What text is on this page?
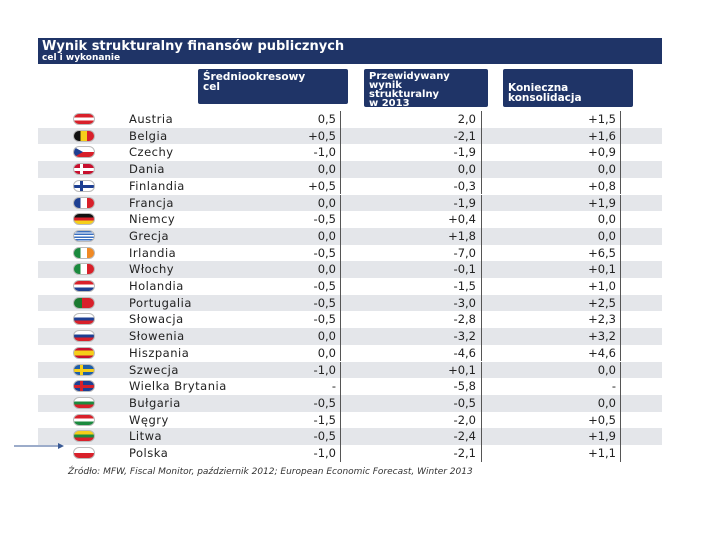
Wynik strukturalny finansów publicznych
cel i wykonanie
Średniookresowy
cel
Przewidywany
wynik
strukturalny
w 2013
Konieczna
konsolidacja
Austria	0,5	2,0	+1,5
Belgia	+0,5	-2,1	+1,6
Czechy	-1,0	-1,9	+0,9
Dania	0,0	0,0	0,0
Finlandia	+0,5	-0,3	+0,8
Francja	0,0	-1,9	+1,9
Niemcy	-0,5	+0,4	0,0
Grecja	0,0	+1,8	0,0
Irlandia	-0,5	-7,0	+6,5
Włochy	0,0	-0,1	+0,1
Holandia	-0,5	-1,5	+1,0
Portugalia	-0,5	-3,0	+2,5
Słowacja	-0,5	-2,8	+2,3
Słowenia	0,0	-3,2	+3,2
Hiszpania	0,0	-4,6	+4,6
Szwecja	-1,0	+0,1	0,0
Wielka Brytania	-	-5,8	-
Bułgaria	-0,5	-0,5	0,0
Węgry	-1,5	-2,0	+0,5
Litwa	-0,5	-2,4	+1,9
Polska	-1,0	-2,1	+1,1
Źródło: MFW, Fiscal Monitor, październik 2012; European Economic Forecast, Winter 2013
